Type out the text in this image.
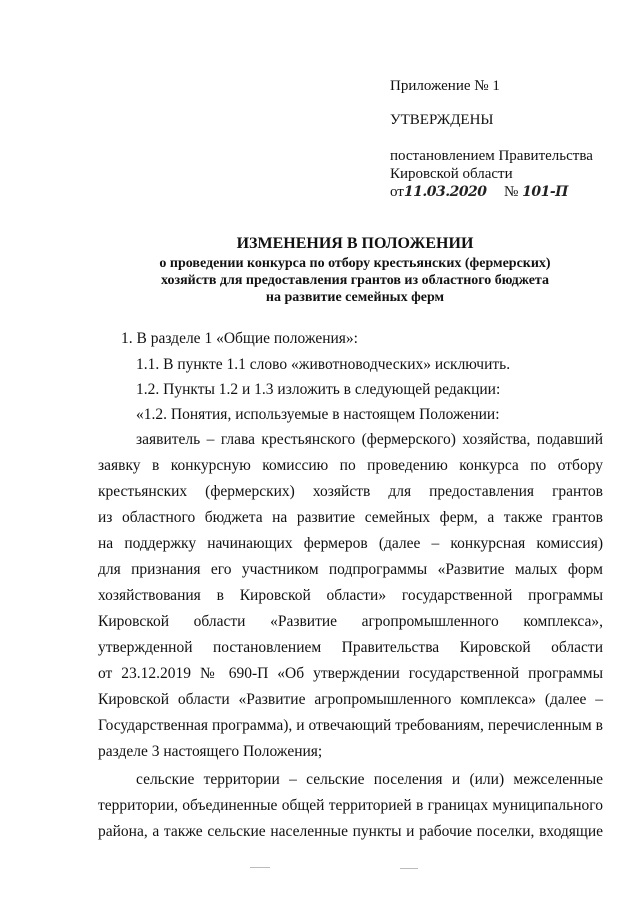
Приложение № 1
УТВЕРЖДЕНЫ
постановлением Правительства
Кировской области
от11.03.2020 № 101-П
ИЗМЕНЕНИЯ В ПОЛОЖЕНИИ
о проведении конкурса по отбору крестьянских (фермерских)
хозяйств для предоставления грантов из областного бюджета
на развитие семейных ферм
1. В разделе 1 «Общие положения»:
1.1. В пункте 1.1 слово «животноводческих» исключить.
1.2. Пункты 1.2 и 1.3 изложить в следующей редакции:
«1.2. Понятия, используемые в настоящем Положении:
заявитель – глава крестьянского (фермерского) хозяйства, подавший
заявку в конкурсную комиссию по проведению конкурса по отбору
крестьянских (фермерских) хозяйств для предоставления грантов
из областного бюджета на развитие семейных ферм, а также грантов
на поддержку начинающих фермеров (далее – конкурсная комиссия)
для признания его участником подпрограммы «Развитие малых форм
хозяйствования в Кировской области» государственной программы
Кировской области «Развитие агропромышленного комплекса»,
утвержденной постановлением Правительства Кировской области
от 23.12.2019 № 690-П «Об утверждении государственной программы
Кировской области «Развитие агропромышленного комплекса» (далее –
Государственная программа), и отвечающий требованиям, перечисленным в
разделе 3 настоящего Положения;
сельские территории – сельские поселения и (или) межселенные
территории, объединенные общей территорией в границах муниципального
района, а также сельские населенные пункты и рабочие поселки, входящие
